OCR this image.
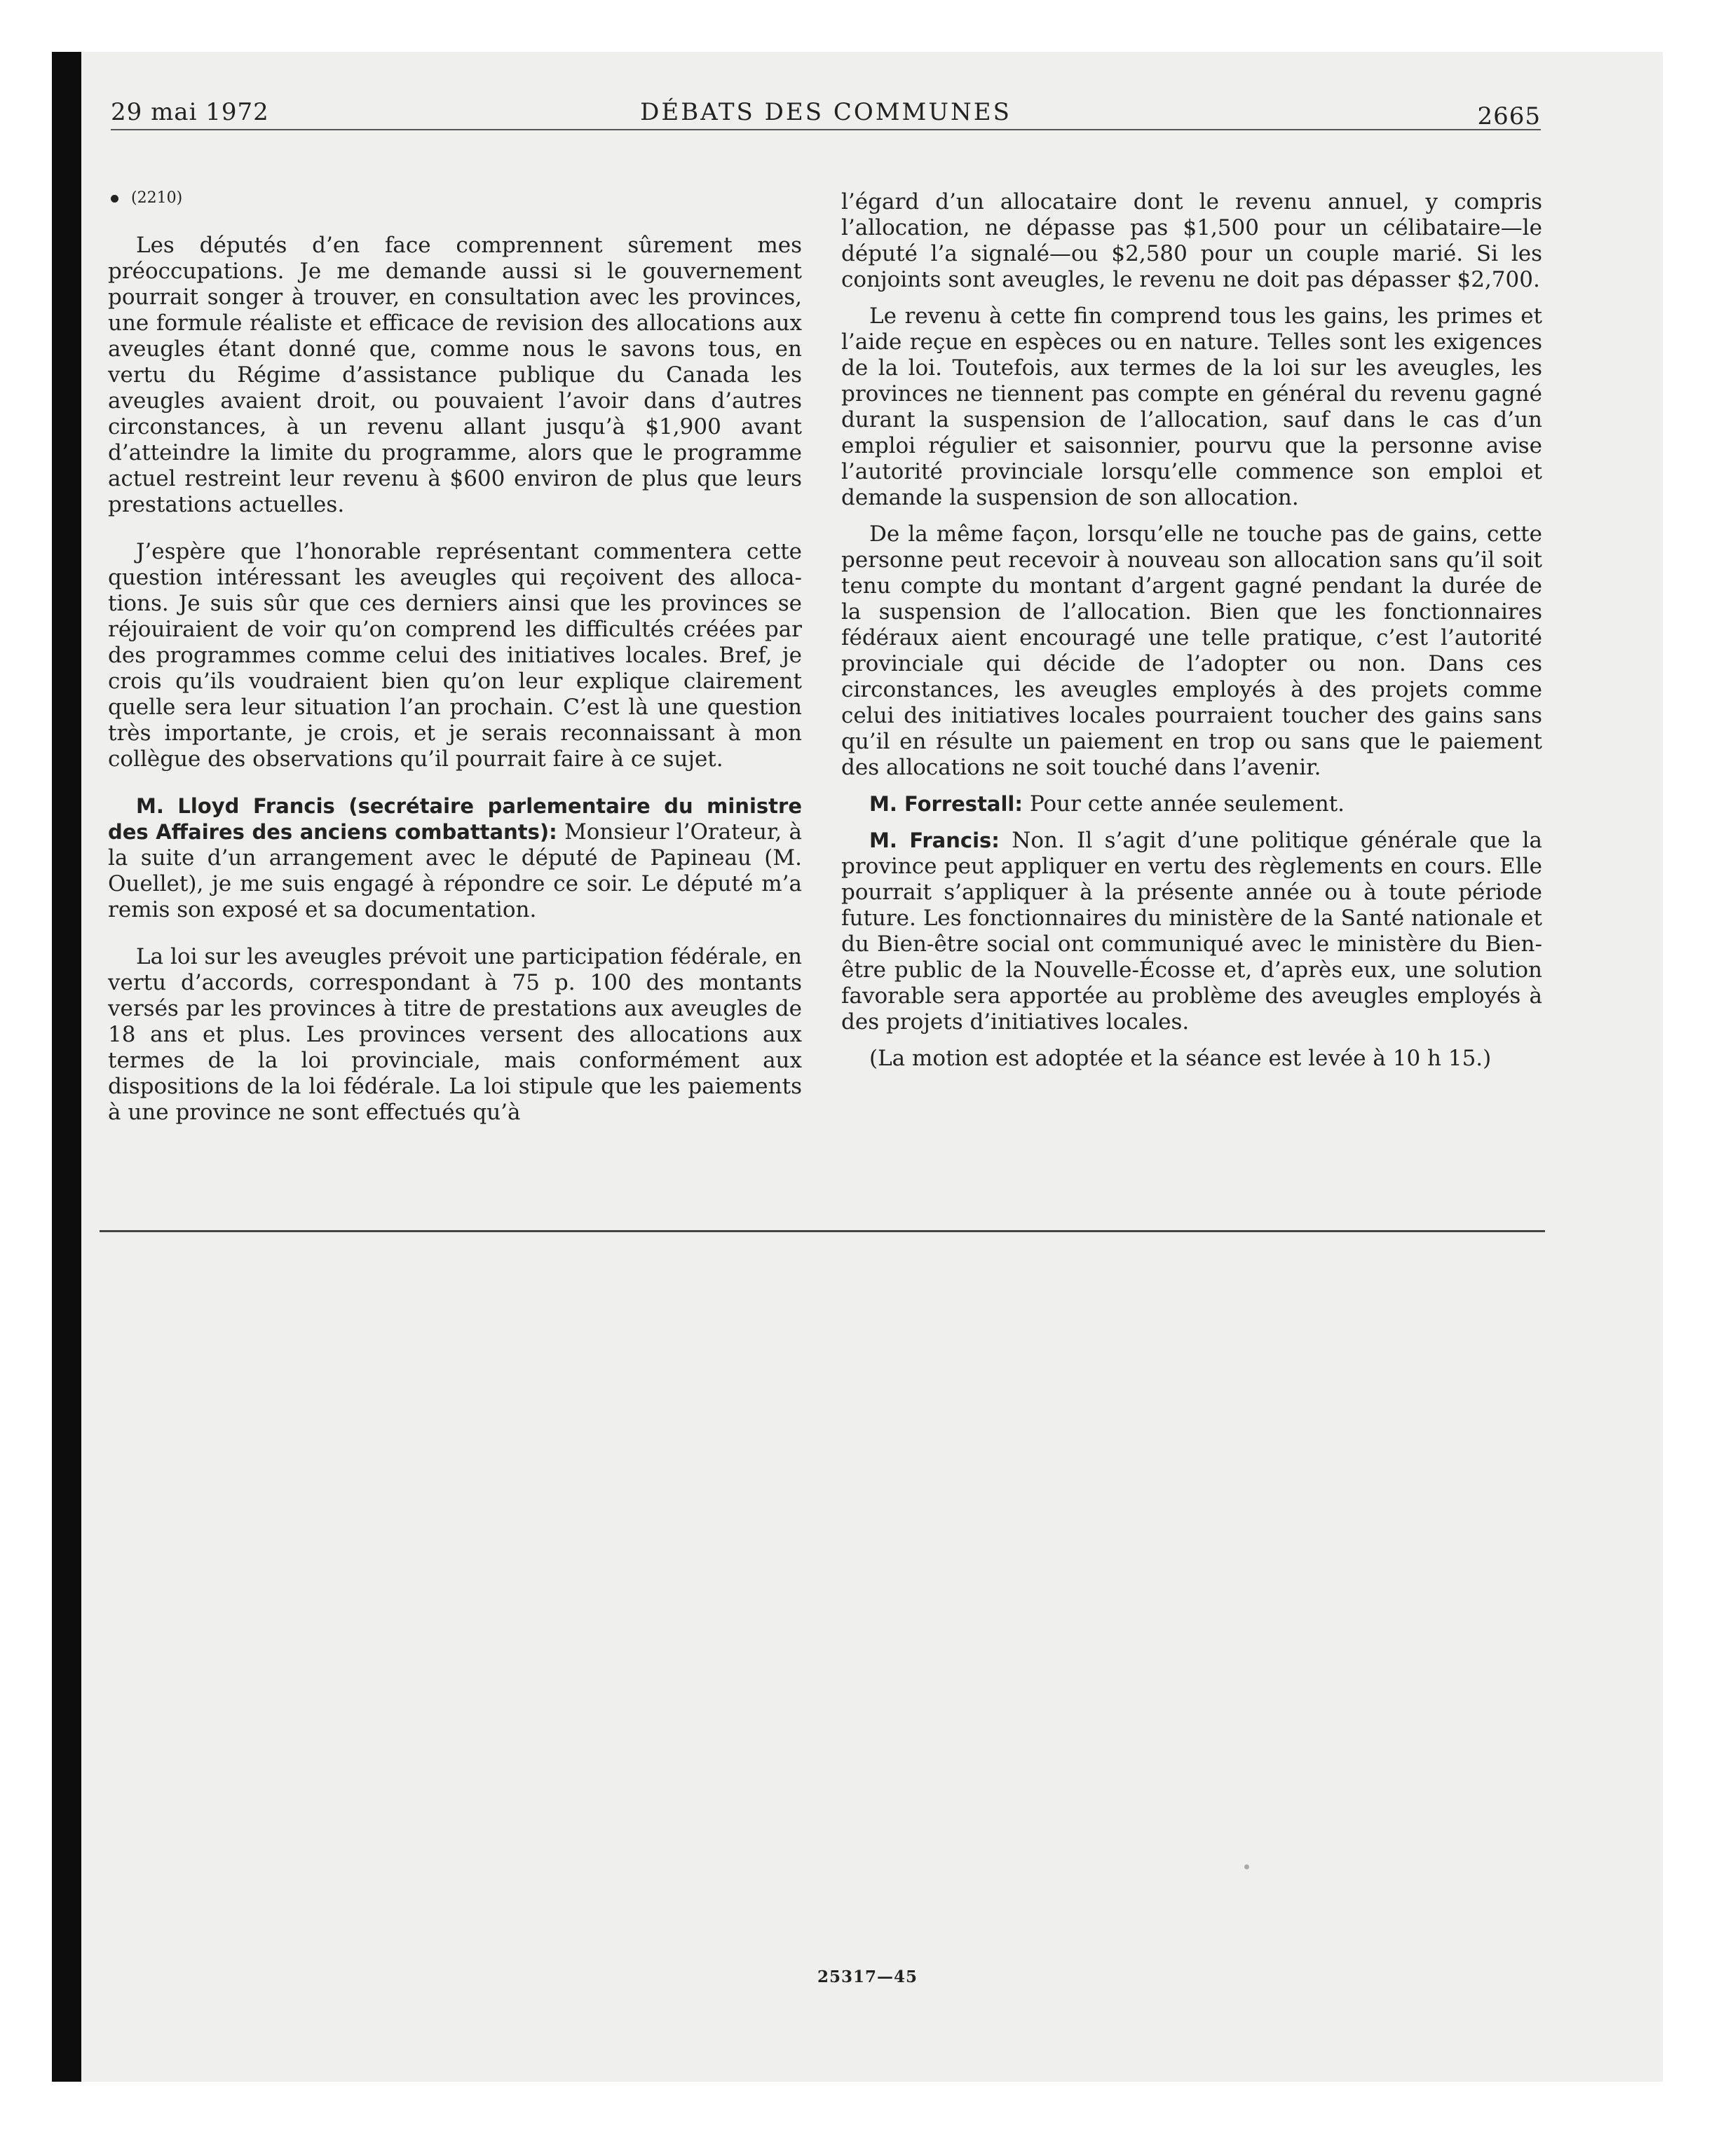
29 mai 1972	DÉBATS DES COMMUNES	2665
(2210)

Les députés d’en face comprennent sûrement mes préoccupations. Je me demande aussi si le gouvernement pourrait songer à trouver, en consultation avec les provinces, une formule réaliste et efficace de revision des allocations aux aveugles étant donné que, comme nous le savons tous, en vertu du Régime d’assistance publique du Canada les aveugles avaient droit, ou pouvaient l’avoir dans d’autres circonstances, à un revenu allant jusqu’à $1,900 avant d’atteindre la limite du programme, alors que le programme actuel restreint leur revenu à $600 environ de plus que leurs prestations actuelles.

J’espère que l’honorable représentant commentera cette question intéressant les aveugles qui reçoivent des allocations. Je suis sûr que ces derniers ainsi que les provinces se réjouiraient de voir qu’on comprend les difficultés créées par des programmes comme celui des initiatives locales. Bref, je crois qu’ils voudraient bien qu’on leur explique clairement quelle sera leur situation l’an prochain. C’est là une question très importante, je crois, et je serais reconnaissant à mon collègue des observations qu’il pourrait faire à ce sujet.

M. Lloyd Francis (secrétaire parlementaire du ministre des Affaires des anciens combattants): Monsieur l’Orateur, à la suite d’un arrangement avec le député de Papineau (M. Ouellet), je me suis engagé à répondre ce soir. Le député m’a remis son exposé et sa documentation.

La loi sur les aveugles prévoit une participation fédérale, en vertu d’accords, correspondant à 75 p. 100 des montants versés par les provinces à titre de prestations aux aveugles de 18 ans et plus. Les provinces versent des allocations aux termes de la loi provinciale, mais conformément aux dispositions de la loi fédérale. La loi stipule que les paiements à une province ne sont effectués qu’à

l’égard d’un allocataire dont le revenu annuel, y compris l’allocation, ne dépasse pas $1,500 pour un célibataire—le député l’a signalé—ou $2,580 pour un couple marié. Si les conjoints sont aveugles, le revenu ne doit pas dépasser $2,700.

Le revenu à cette fin comprend tous les gains, les primes et l’aide reçue en espèces ou en nature. Telles sont les exigences de la loi. Toutefois, aux termes de la loi sur les aveugles, les provinces ne tiennent pas compte en général du revenu gagné durant la suspension de l’allocation, sauf dans le cas d’un emploi régulier et saisonnier, pourvu que la personne avise l’autorité provinciale lorsqu’elle commence son emploi et demande la suspension de son allocation.

De la même façon, lorsqu’elle ne touche pas de gains, cette personne peut recevoir à nouveau son allocation sans qu’il soit tenu compte du montant d’argent gagné pendant la durée de la suspension de l’allocation. Bien que les fonctionnaires fédéraux aient encouragé une telle pratique, c’est l’autorité provinciale qui décide de l’adopter ou non. Dans ces circonstances, les aveugles employés à des projets comme celui des initiatives locales pourraient toucher des gains sans qu’il en résulte un paiement en trop ou sans que le paiement des allocations ne soit touché dans l’avenir.

M. Forrestall: Pour cette année seulement.

M. Francis: Non. Il s’agit d’une politique générale que la province peut appliquer en vertu des règlements en cours. Elle pourrait s’appliquer à la présente année ou à toute période future. Les fonctionnaires du ministère de la Santé nationale et du Bien-être social ont communiqué avec le ministère du Bien-être public de la Nouvelle-Écosse et, d’après eux, une solution favorable sera apportée au problème des aveugles employés à des projets d’initiatives locales.

(La motion est adoptée et la séance est levée à 10 h 15.)

25317—45
